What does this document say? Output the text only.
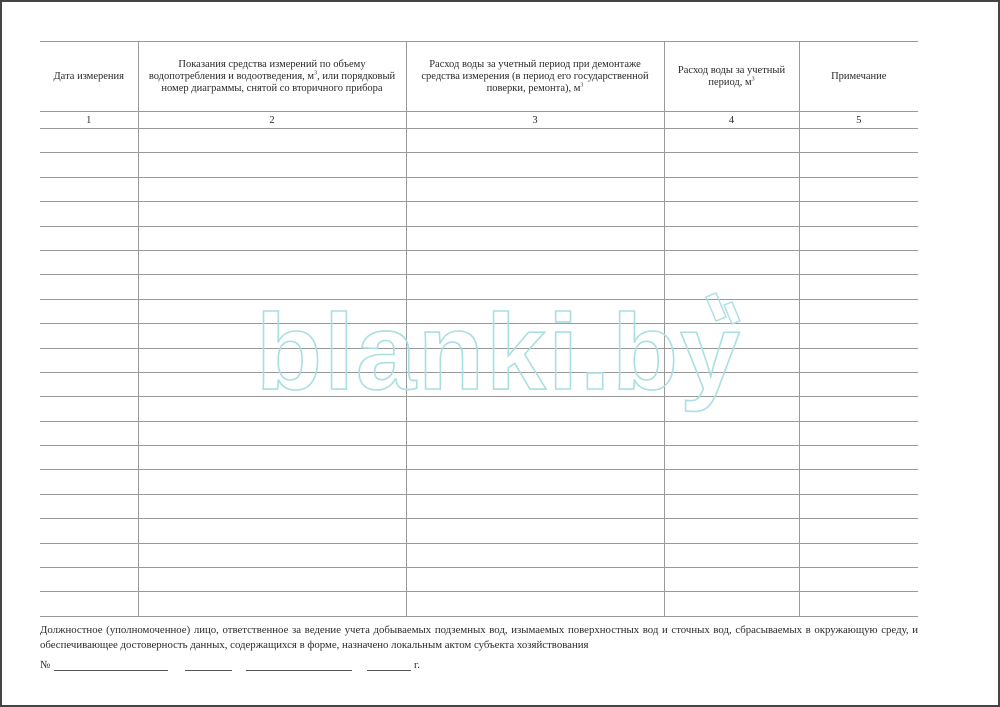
Дата измерения	Показания средства измерений по объему водопотребления и водоотведения, $м^3$, или порядковый номер диаграммы, снятой со вторичного прибора	Расход воды за учетный период при демонтаже средства измерения (в период его государственной поверки, ремонта), $м^3$	Расход воды за учетный период, $м^3$	Примечание
1	2	3	4	5

blanki.by
Должностное (уполномоченное) лицо, ответственное за ведение учета добываемых подземных вод, изымаемых поверхностных вод и сточных вод, сбрасываемых в окружающую среду, и обеспечивающее достоверность данных, содержащихся в форме, назначено локальным актом субъекта хозяйствования
№	г.
